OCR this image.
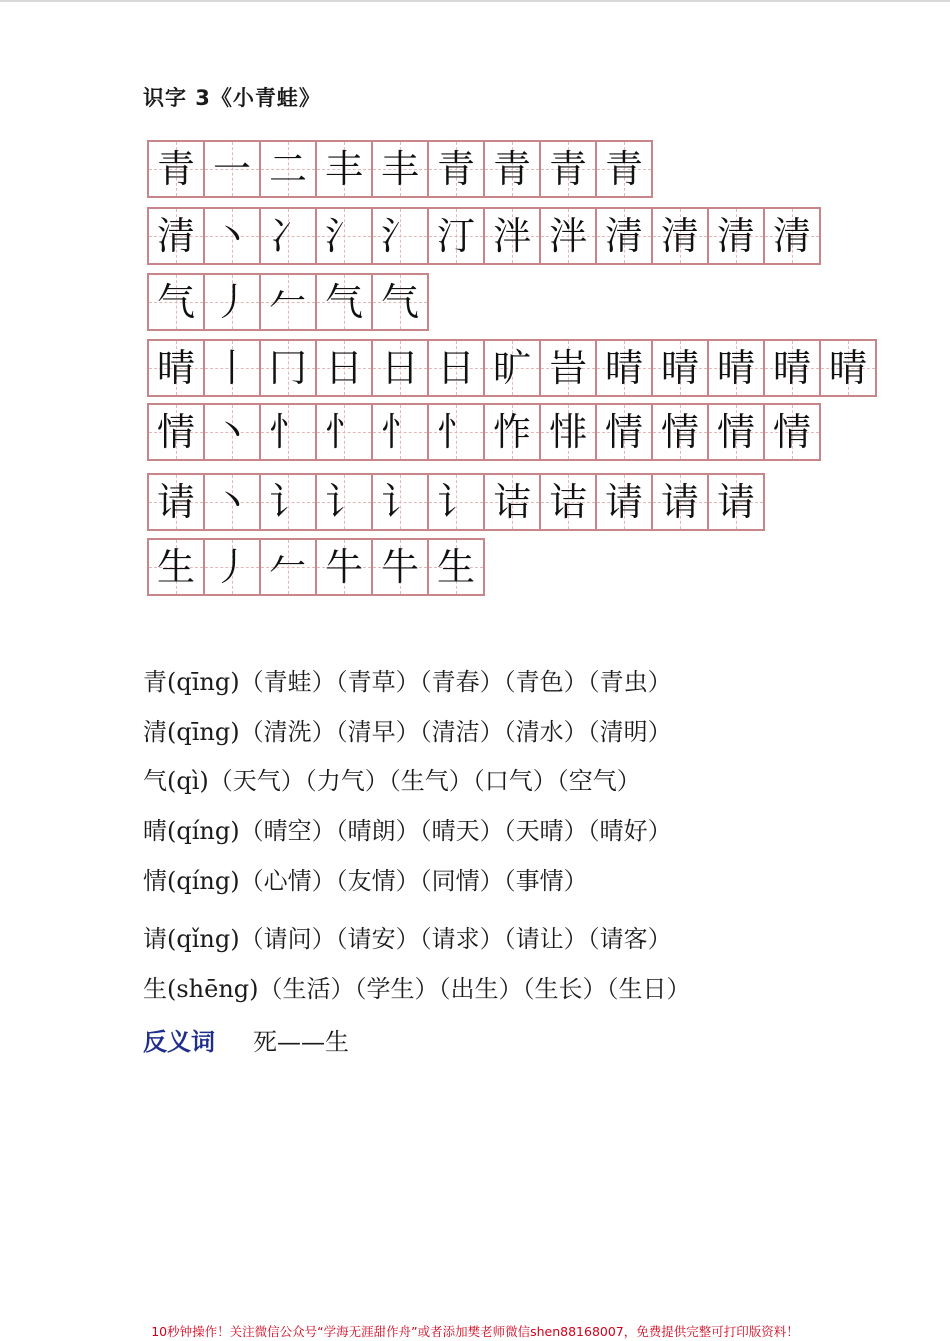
识字 3《小青蛙》
青 一 二 丰 丰 青 青 青 青
清 丶 冫 氵 氵 汀 泮 泮 清 清 清 清
气 丿 𠂉 气 气
晴 丨 冂 日 日 日 旷 旹 晴 晴 晴 晴 晴
情 丶 忄 忄 忄 忄 怍 悱 情 情 情 情
请 丶 讠 讠 讠 讠 诘 诘 请 请 请
生 丿 𠂉 牛 牛 生
青(qīng)（青蛙）（青草）（青春）（青色）（青虫）
清(qīng)（清洗）（清早）（清洁）（清水）（清明）
气(qì)（天气）（力气）（生气）（口气）（空气）
晴(qíng)（晴空）（晴朗）（晴天）（天晴）（晴好）
情(qíng)（心情）（友情）（同情）（事情）
请(qǐng)（请问）（请安）（请求）（请让）（请客）
生(shēng)（生活）（学生）（出生）（生长）（生日）
反义词 死——生
10秒钟操作！关注微信公众号“学海无涯甜作舟”或者添加樊老师微信shen88168007，免费提供完整可打印版资料！
